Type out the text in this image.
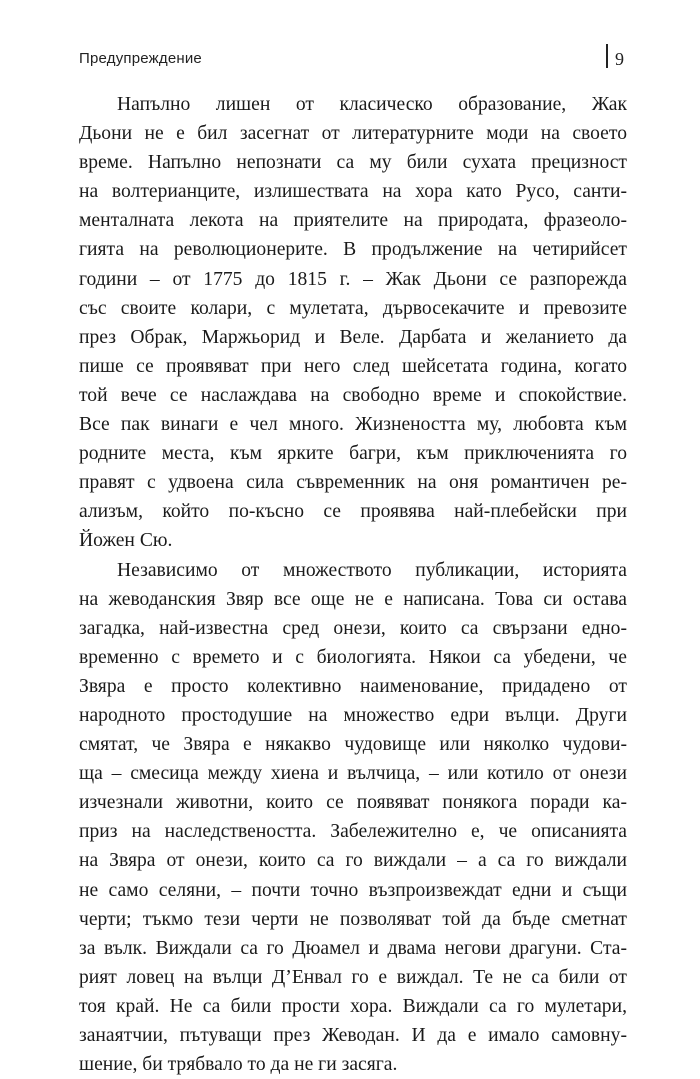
Предупреждение	9
Напълно лишен от класическо образование, Жак
Дьони не е бил засегнат от литературните моди на своето
време. Напълно непознати са му били сухата прецизност
на волтерианците, излишествата на хора като Русо, санти-
менталната лекота на приятелите на природата, фразеоло-
гията на революционерите. В продължение на четирийсет
години – от 1775 до 1815 г. – Жак Дьони се разпорежда
със своите колари, с мулетата, дървосекачите и превозите
през Обрак, Маржьорид и Веле. Дарбата и желанието да
пише се проявяват при него след шейсетата година, когато
той вече се наслаждава на свободно време и спокойствие.
Все пак винаги е чел много. Жизнеността му, любовта към
родните места, към ярките багри, към приключенията го
правят с удвоена сила съвременник на оня романтичен ре-
ализъм, който по-късно се проявява най-плебейски при
Йожен Сю.
Независимо от множеството публикации, историята
на жеводанския Звяр все още не е написана. Това си остава
загадка, най-известна сред онези, които са свързани едно-
временно с времето и с биологията. Някои са убедени, че
Звяра е просто колективно наименование, придадено от
народното простодушие на множество едри вълци. Други
смятат, че Звяра е някакво чудовище или няколко чудови-
ща – смесица между хиена и вълчица, – или котило от онези
изчезнали животни, които се появяват понякога поради ка-
приз на наследствеността. Забележително е, че описанията
на Звяра от онези, които са го виждали – а са го виждали
не само селяни, – почти точно възпроизвеждат едни и същи
черти; тъкмо тези черти не позволяват той да бъде сметнат
за вълк. Виждали са го Дюамел и двама негови драгуни. Ста-
рият ловец на вълци Д’Енвал го е виждал. Те не са били от
тоя край. Не са били прости хора. Виждали са го мулетари,
занаятчии, пътуващи през Жеводан. И да е имало самовну-
шение, би трябвало то да не ги засяга.
